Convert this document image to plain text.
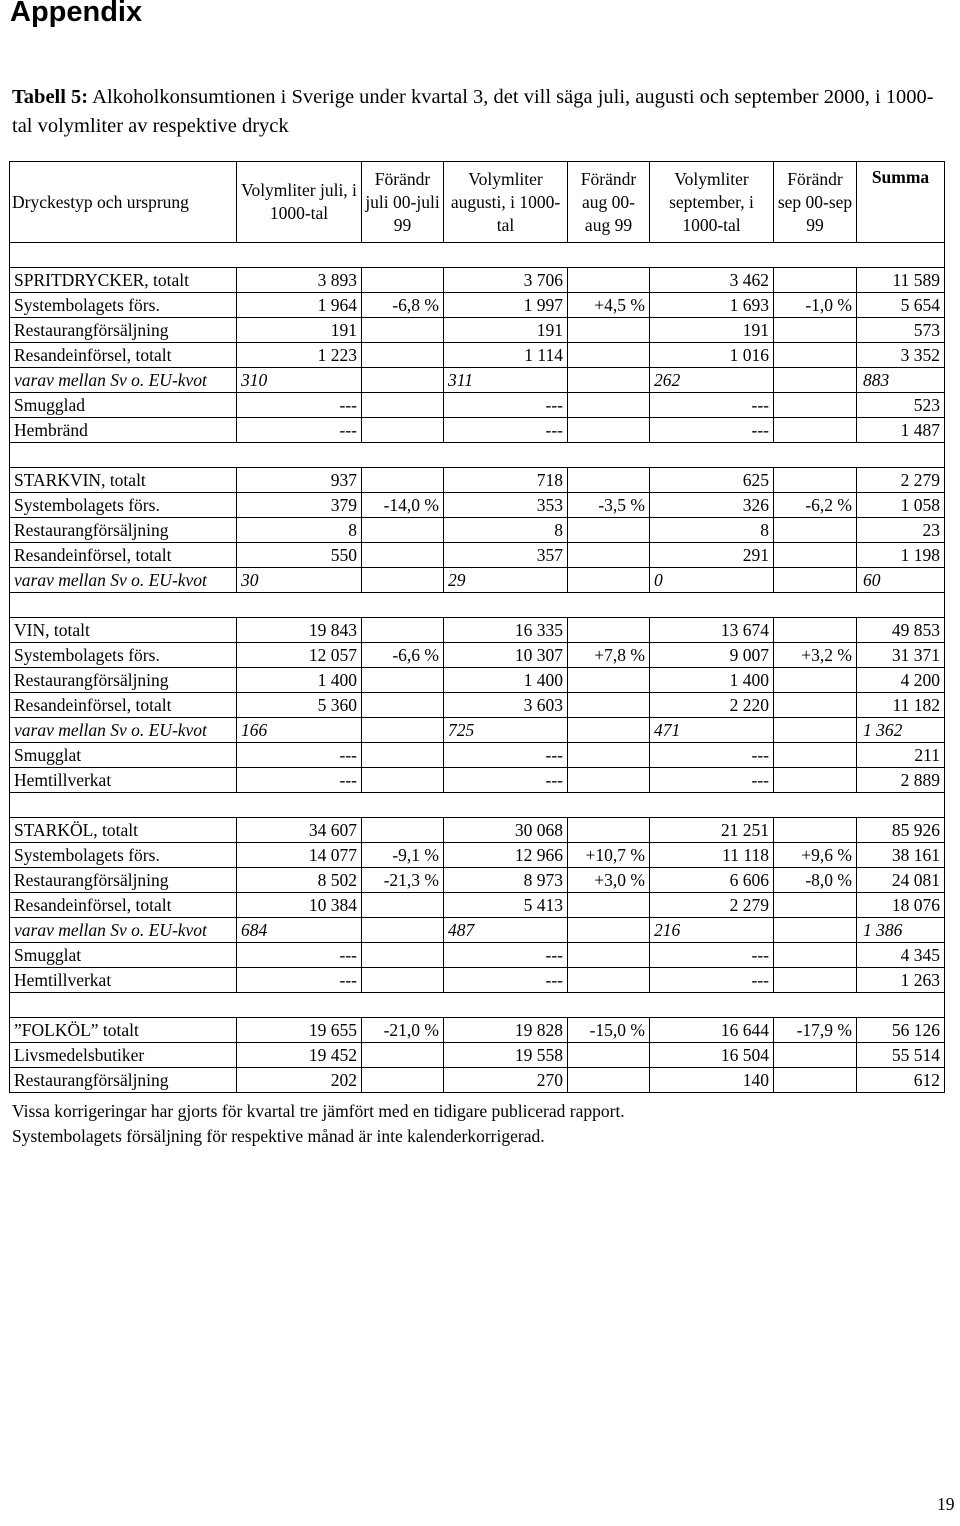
Appendix

Tabell 5: Alkoholkonsumtionen i Sverige under kvartal 3, det vill säga juli, augusti och september 2000, i 1000-tal volymliter av respektive dryck

Dryckestyp och ursprung	Volymliter juli, i 1000-tal	Förändr juli 00-juli 99	Volymliter augusti, i 1000-tal	Förändr aug 00-aug 99	Volymliter september, i 1000-tal	Förändr sep 00-sep 99	Summa

SPRITDRYCKER, totalt	3 893		3 706		3 462		11 589
Systembolagets förs.	1 964	-6,8 %	1 997	+4,5 %	1 693	-1,0 %	5 654
Restaurangförsäljning	191		191		191		573
Resandeinförsel, totalt	1 223		1 114		1 016		3 352
varav mellan Sv o. EU-kvot	310		311		262		883
Smugglad	---		---		---		523
Hembränd	---		---		---		1 487

STARKVIN, totalt	937		718		625		2 279
Systembolagets förs.	379	-14,0 %	353	-3,5 %	326	-6,2 %	1 058
Restaurangförsäljning	8		8		8		23
Resandeinförsel, totalt	550		357		291		1 198
varav mellan Sv o. EU-kvot	30		29		0		60

VIN, totalt	19 843		16 335		13 674		49 853
Systembolagets förs.	12 057	-6,6 %	10 307	+7,8 %	9 007	+3,2 %	31 371
Restaurangförsäljning	1 400		1 400		1 400		4 200
Resandeinförsel, totalt	5 360		3 603		2 220		11 182
varav mellan Sv o. EU-kvot	166		725		471		1 362
Smugglat	---		---		---		211
Hemtillverkat	---		---		---		2 889

STARKÖL, totalt	34 607		30 068		21 251		85 926
Systembolagets förs.	14 077	-9,1 %	12 966	+10,7 %	11 118	+9,6 %	38 161
Restaurangförsäljning	8 502	-21,3 %	8 973	+3,0 %	6 606	-8,0 %	24 081
Resandeinförsel, totalt	10 384		5 413		2 279		18 076
varav mellan Sv o. EU-kvot	684		487		216		1 386
Smugglat	---		---		---		4 345
Hemtillverkat	---		---		---		1 263

”FOLKÖL” totalt	19 655	-21,0 %	19 828	-15,0 %	16 644	-17,9 %	56 126
Livsmedelsbutiker	19 452		19 558		16 504		55 514
Restaurangförsäljning	202		270		140		612

Vissa korrigeringar har gjorts för kvartal tre jämfört med en tidigare publicerad rapport.

Systembolagets försäljning för respektive månad är inte kalenderkorrigerad.

19
